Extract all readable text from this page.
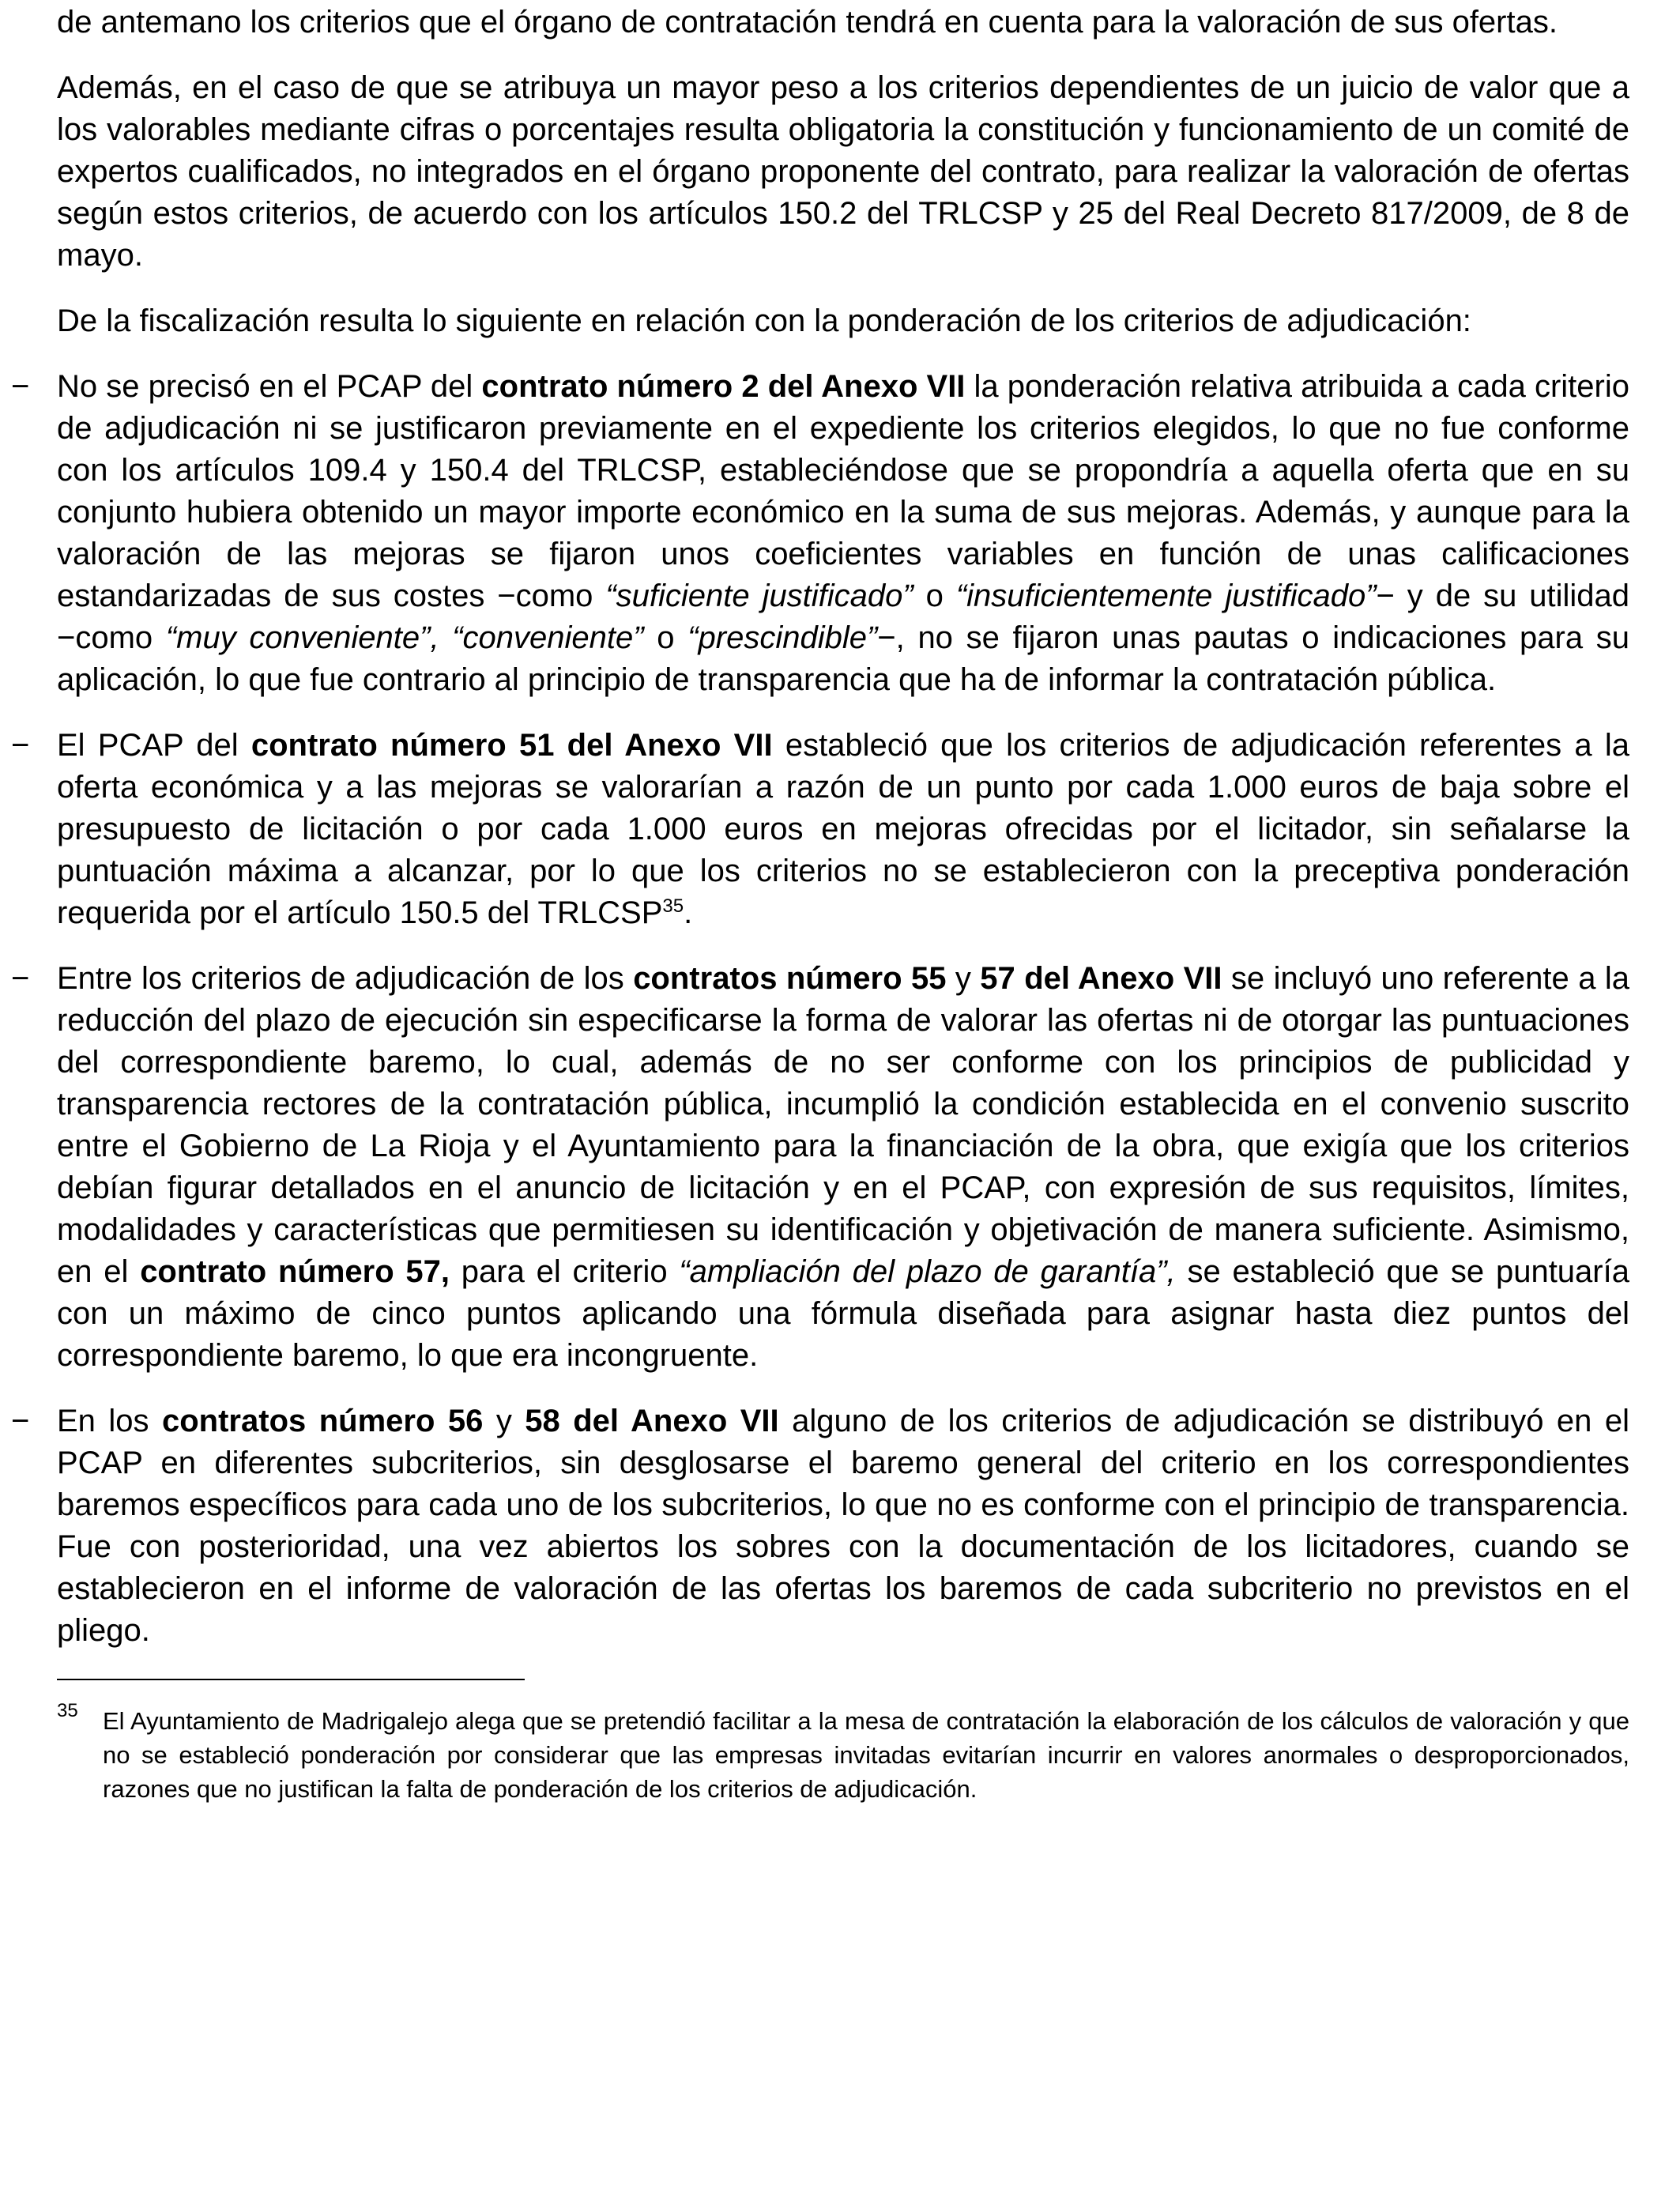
de antemano los criterios que el órgano de contratación tendrá en cuenta para la valoración de sus ofertas.

Además, en el caso de que se atribuya un mayor peso a los criterios dependientes de un juicio de valor que a los valorables mediante cifras o porcentajes resulta obligatoria la constitución y funcionamiento de un comité de expertos cualificados, no integrados en el órgano proponente del contrato, para realizar la valoración de ofertas según estos criterios, de acuerdo con los artículos 150.2 del TRLCSP y 25 del Real Decreto 817/2009, de 8 de mayo.

De la fiscalización resulta lo siguiente en relación con la ponderación de los criterios de adjudicación:

− No se precisó en el PCAP del contrato número 2 del Anexo VII la ponderación relativa atribuida a cada criterio de adjudicación ni se justificaron previamente en el expediente los criterios elegidos, lo que no fue conforme con los artículos 109.4 y 150.4 del TRLCSP, estableciéndose que se propondría a aquella oferta que en su conjunto hubiera obtenido un mayor importe económico en la suma de sus mejoras. Además, y aunque para la valoración de las mejoras se fijaron unos coeficientes variables en función de unas calificaciones estandarizadas de sus costes −como “suficiente justificado” o “insuficientemente justificado”− y de su utilidad −como “muy conveniente”, “conveniente” o “prescindible”−, no se fijaron unas pautas o indicaciones para su aplicación, lo que fue contrario al principio de transparencia que ha de informar la contratación pública.

− El PCAP del contrato número 51 del Anexo VII estableció que los criterios de adjudicación referentes a la oferta económica y a las mejoras se valorarían a razón de un punto por cada 1.000 euros de baja sobre el presupuesto de licitación o por cada 1.000 euros en mejoras ofrecidas por el licitador, sin señalarse la puntuación máxima a alcanzar, por lo que los criterios no se establecieron con la preceptiva ponderación requerida por el artículo 150.5 del TRLCSP$^{35}$.

− Entre los criterios de adjudicación de los contratos número 55 y 57 del Anexo VII se incluyó uno referente a la reducción del plazo de ejecución sin especificarse la forma de valorar las ofertas ni de otorgar las puntuaciones del correspondiente baremo, lo cual, además de no ser conforme con los principios de publicidad y transparencia rectores de la contratación pública, incumplió la condición establecida en el convenio suscrito entre el Gobierno de La Rioja y el Ayuntamiento para la financiación de la obra, que exigía que los criterios debían figurar detallados en el anuncio de licitación y en el PCAP, con expresión de sus requisitos, límites, modalidades y características que permitiesen su identificación y objetivación de manera suficiente. Asimismo, en el contrato número 57, para el criterio “ampliación del plazo de garantía”, se estableció que se puntuaría con un máximo de cinco puntos aplicando una fórmula diseñada para asignar hasta diez puntos del correspondiente baremo, lo que era incongruente.

− En los contratos número 56 y 58 del Anexo VII alguno de los criterios de adjudicación se distribuyó en el PCAP en diferentes subcriterios, sin desglosarse el baremo general del criterio en los correspondientes baremos específicos para cada uno de los subcriterios, lo que no es conforme con el principio de transparencia. Fue con posterioridad, una vez abiertos los sobres con la documentación de los licitadores, cuando se establecieron en el informe de valoración de las ofertas los baremos de cada subcriterio no previstos en el pliego.

35 El Ayuntamiento de Madrigalejo alega que se pretendió facilitar a la mesa de contratación la elaboración de los cálculos de valoración y que no se estableció ponderación por considerar que las empresas invitadas evitarían incurrir en valores anormales o desproporcionados, razones que no justifican la falta de ponderación de los criterios de adjudicación.
